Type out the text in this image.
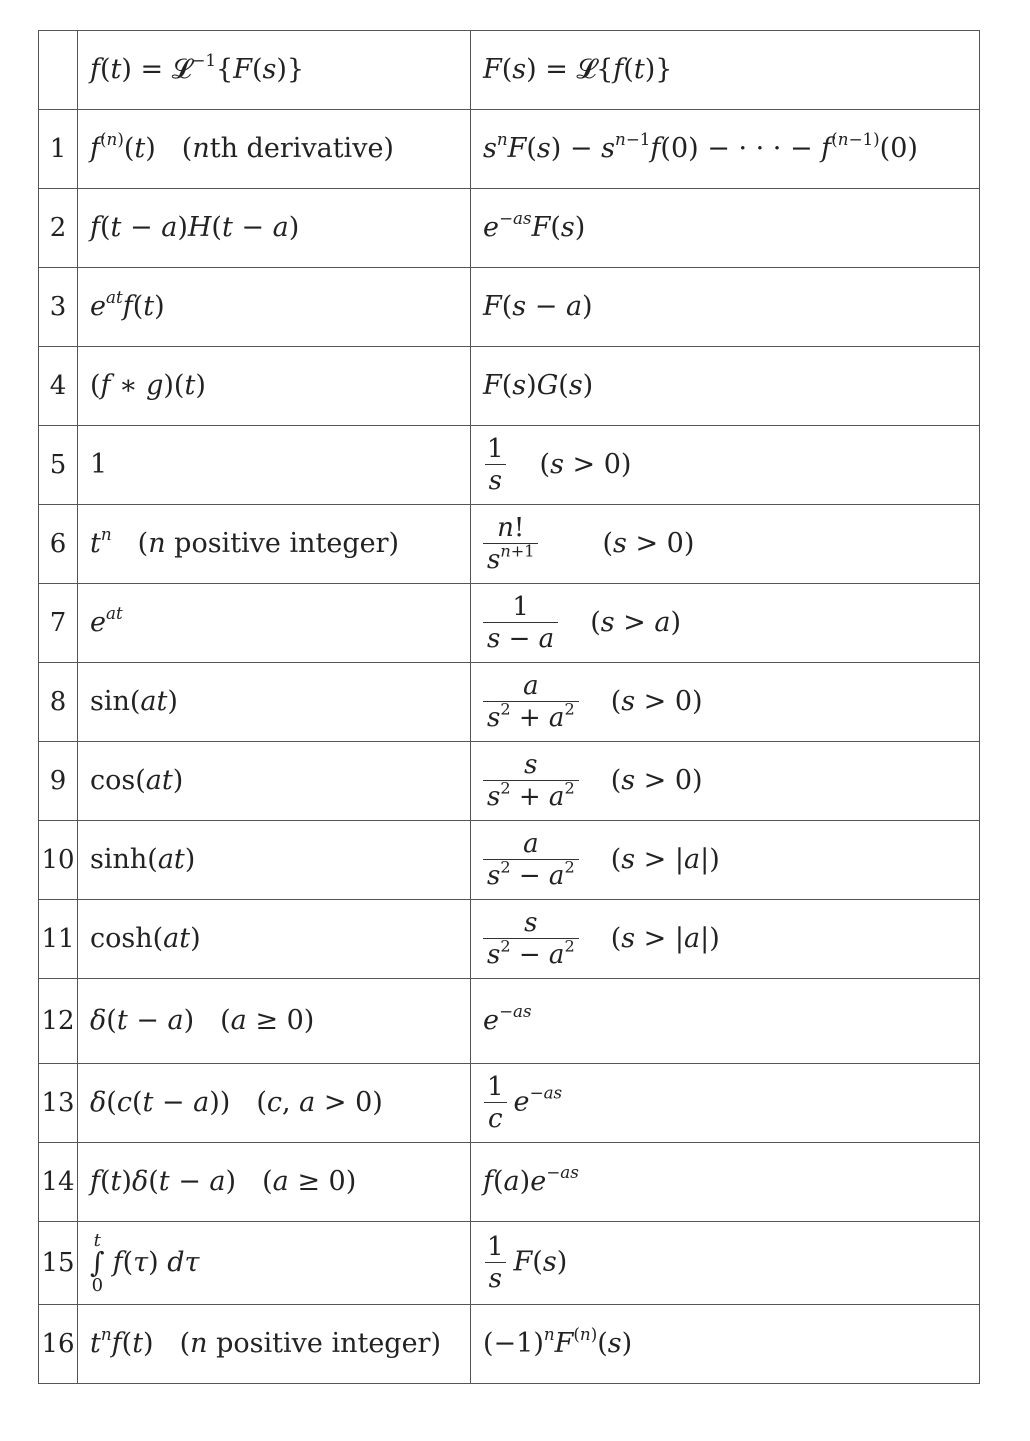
	f(t) = 𝓛$^{-1}${F(s)}	F(s) = 𝓛{f(t)}
1	$f^{(n)}(t)$ (nth derivative)	$s^nF(s) - s^{n-1}f(0)$ − · · · − $f^{(n-1)}(0)$
2	f(t − a)H(t − a)	$e^{-as}F(s)$
3	$e^{at}f(t)$	F(s − a)
4	(f ∗ g)(t)	F(s)G(s)
5	1	$\frac{1}{s} (s > 0)$
6	$t^n$ (n positive integer)	$\frac{n!}{s^{n+1}} (s > 0)$
7	$e^{at}$	$\frac{1}{s - a} (s > a)$
8	sin(at)	$\frac{a}{s^2 + a^2} (s > 0)$
9	cos(at)	$\frac{s}{s^2 + a^2} (s > 0)$
10	sinh(at)	$\frac{a}{s^2 - a^2} (s > |a|)$
11	cosh(at)	$\frac{s}{s^2 - a^2} (s > |a|)$
12	δ(t − a) (a ≥ 0)	$e^{-as}$
13	δ(c(t − a)) (c, a > 0)	$\frac{1}{c} e^{-as}$
14	f(t)δ(t − a) (a ≥ 0)	$f(a)e^{-as}$
15	t
∫
0f(τ) dτ	$\frac{1}{s} F(s)$
16	$t^nf(t)$ (n positive integer)	$(-1)^nF^{(n)}(s)$
